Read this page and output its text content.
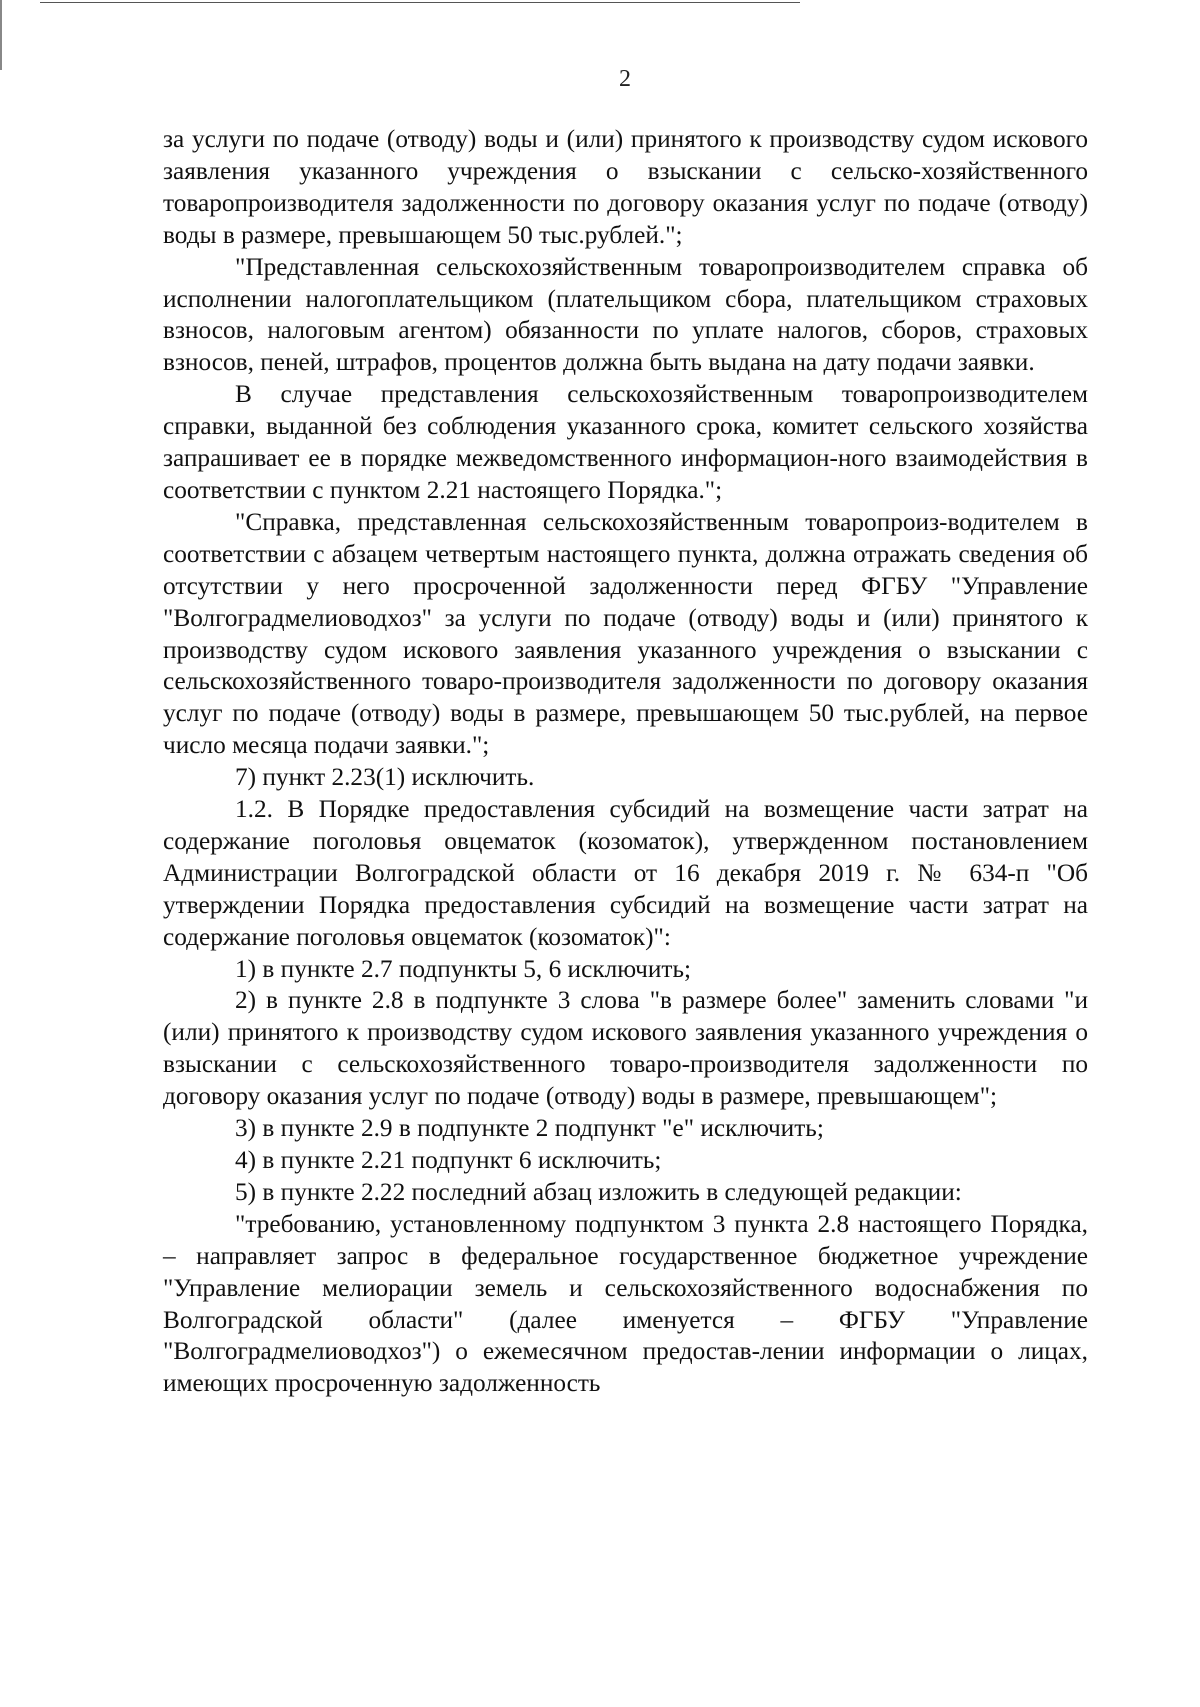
2

за услуги по подаче (отводу) воды и (или) принятого к производству судом искового заявления указанного учреждения о взыскании с сельско-хозяйственного товаропроизводителя задолженности по договору оказания услуг по подаче (отводу) воды в размере, превышающем 50 тыс.рублей.";

"Представленная сельскохозяйственным товаропроизводителем справка об исполнении налогоплательщиком (плательщиком сбора, плательщиком страховых взносов, налоговым агентом) обязанности по уплате налогов, сборов, страховых взносов, пеней, штрафов, процентов должна быть выдана на дату подачи заявки.

В случае представления сельскохозяйственным товаропроизводителем справки, выданной без соблюдения указанного срока, комитет сельского хозяйства запрашивает ее в порядке межведомственного информацион-ного взаимодействия в соответствии с пунктом 2.21 настоящего Порядка.";

"Справка, представленная сельскохозяйственным товаропроиз-водителем в соответствии с абзацем четвертым настоящего пункта, должна отражать сведения об отсутствии у него просроченной задолженности перед ФГБУ "Управление "Волгоградмелиоводхоз" за услуги по подаче (отводу) воды и (или) принятого к производству судом искового заявления указанного учреждения о взыскании с сельскохозяйственного товаро-производителя задолженности по договору оказания услуг по подаче (отводу) воды в размере, превышающем 50 тыс.рублей, на первое число месяца подачи заявки.";

7) пункт 2.23(1) исключить.

1.2. В Порядке предоставления субсидий на возмещение части затрат на содержание поголовья овцематок (козоматок), утвержденном постановлением Администрации Волгоградской области от 16 декабря 2019 г. № 634-п "Об утверждении Порядка предоставления субсидий на возмещение части затрат на содержание поголовья овцематок (козоматок)":

1) в пункте 2.7 подпункты 5, 6 исключить;

2) в пункте 2.8 в подпункте 3 слова "в размере более" заменить словами "и (или) принятого к производству судом искового заявления указанного учреждения о взыскании с сельскохозяйственного товаро-производителя задолженности по договору оказания услуг по подаче (отводу) воды в размере, превышающем";

3) в пункте 2.9 в подпункте 2 подпункт "е" исключить;

4) в пункте 2.21 подпункт 6 исключить;

5) в пункте 2.22 последний абзац изложить в следующей редакции:

"требованию, установленному подпунктом 3 пункта 2.8 настоящего Порядка, – направляет запрос в федеральное государственное бюджетное учреждение "Управление мелиорации земель и сельскохозяйственного водоснабжения по Волгоградской области" (далее именуется – ФГБУ "Управление "Волгоградмелиоводхоз") о ежемесячном предостав-лении информации о лицах, имеющих просроченную задолженность
